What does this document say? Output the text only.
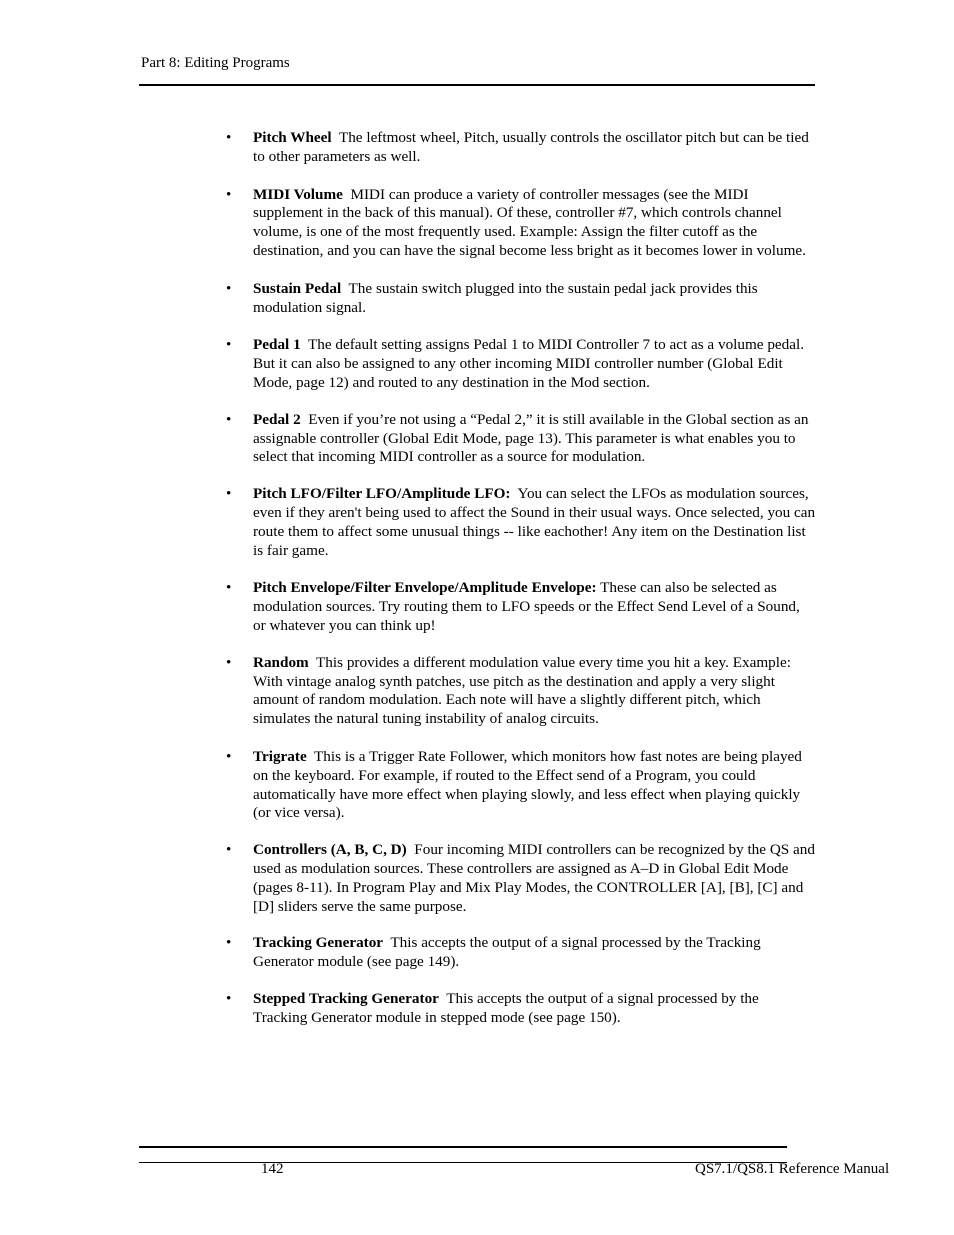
Part 8: Editing Programs
• Pitch Wheel The leftmost wheel, Pitch, usually controls the oscillator pitch but can be tied to other parameters as well.
• MIDI Volume MIDI can produce a variety of controller messages (see the MIDI supplement in the back of this manual). Of these, controller #7, which controls channel volume, is one of the most frequently used. Example: Assign the filter cutoff as the destination, and you can have the signal become less bright as it becomes lower in volume.
• Sustain Pedal The sustain switch plugged into the sustain pedal jack provides this modulation signal.
• Pedal 1 The default setting assigns Pedal 1 to MIDI Controller 7 to act as a volume pedal. But it can also be assigned to any other incoming MIDI controller number (Global Edit Mode, page 12) and routed to any destination in the Mod section.
• Pedal 2 Even if you’re not using a “Pedal 2,” it is still available in the Global section as an assignable controller (Global Edit Mode, page 13). This parameter is what enables you to select that incoming MIDI controller as a source for modulation.
• Pitch LFO/Filter LFO/Amplitude LFO: You can select the LFOs as modulation sources, even if they aren't being used to affect the Sound in their usual ways. Once selected, you can route them to affect some unusual things -- like eachother! Any item on the Destination list is fair game.
• Pitch Envelope/Filter Envelope/Amplitude Envelope: These can also be selected as modulation sources. Try routing them to LFO speeds or the Effect Send Level of a Sound, or whatever you can think up!
• Random This provides a different modulation value every time you hit a key. Example: With vintage analog synth patches, use pitch as the destination and apply a very slight amount of random modulation. Each note will have a slightly different pitch, which simulates the natural tuning instability of analog circuits.
• Trigrate This is a Trigger Rate Follower, which monitors how fast notes are being played on the keyboard. For example, if routed to the Effect send of a Program, you could automatically have more effect when playing slowly, and less effect when playing quickly (or vice versa).
• Controllers (A, B, C, D) Four incoming MIDI controllers can be recognized by the QS and used as modulation sources. These controllers are assigned as A–D in Global Edit Mode (pages 8-11). In Program Play and Mix Play Modes, the CONTROLLER [A], [B], [C] and [D] sliders serve the same purpose.
• Tracking Generator This accepts the output of a signal processed by the Tracking Generator module (see page 149).
• Stepped Tracking Generator This accepts the output of a signal processed by the Tracking Generator module in stepped mode (see page 150).
142	QS7.1/QS8.1 Reference Manual
